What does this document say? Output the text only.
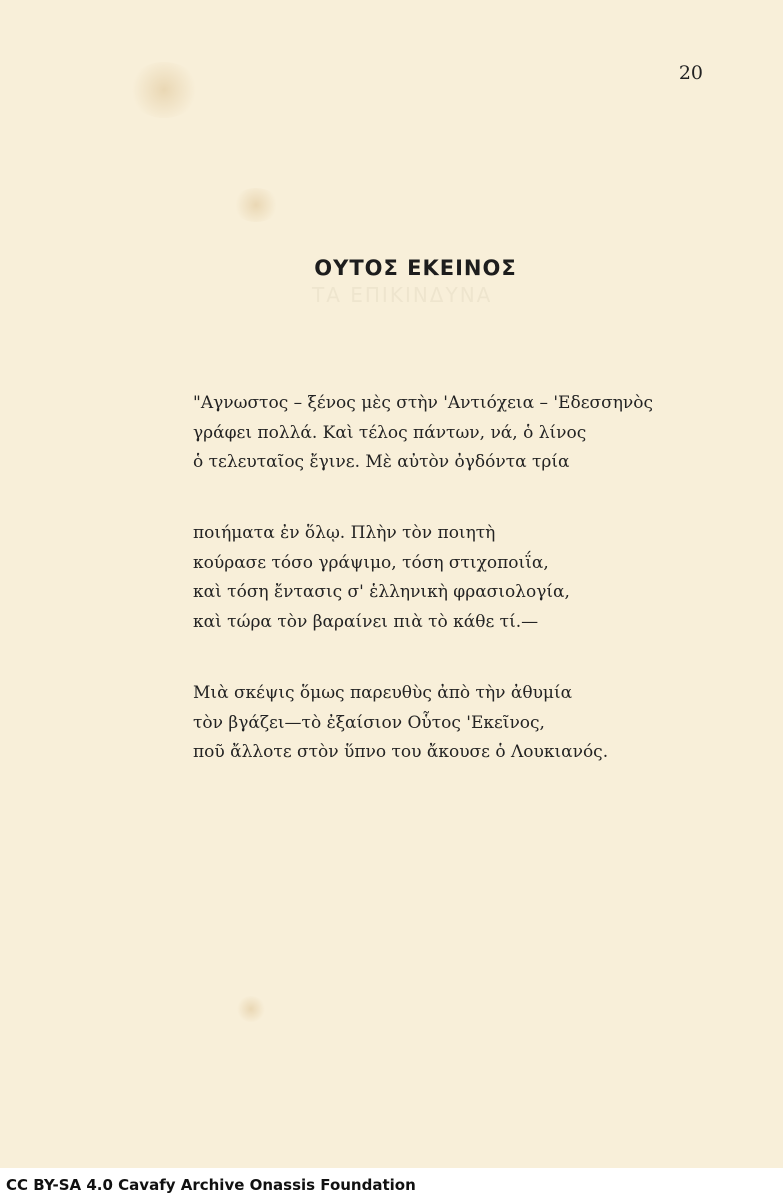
20

ΤΑ ΕΠΙΚΙΝΔΥΝΑ

ΟΥΤΟΣ ΕΚΕΙΝΟΣ
"Αγνωστος – ξένος μὲς στὴν 'Αντιόχεια – 'Εδεσσηνὸς
γράφει πολλά. Καὶ τέλος πάντων, νά, ὁ λίνος
ὁ τελευταῖος ἔγινε. Μὲ αὐτὸν ὀγδόντα τρία
ποιήματα ἐν ὅλῳ. Πλὴν τὸν ποιητὴ
κούρασε τόσο γράψιμο, τόση στιχοποιΐα,
καὶ τόση ἔντασις σ' ἑλληνικὴ φρασιολογία,
καὶ τώρα τὸν βαραίνει πιὰ τὸ κάθε τί.—
Μιὰ σκέψις ὅμως παρευθὺς ἀπὸ τὴν ἀθυμία
τὸν βγάζει—τὸ ἐξαίσιον Οὗτος 'Εκεῖνος,
ποῦ ἄλλοτε στὸν ὕπνο του ἄκουσε ὁ Λουκιανός.

CC BY-SA 4.0 Cavafy Archive Onassis Foundation
